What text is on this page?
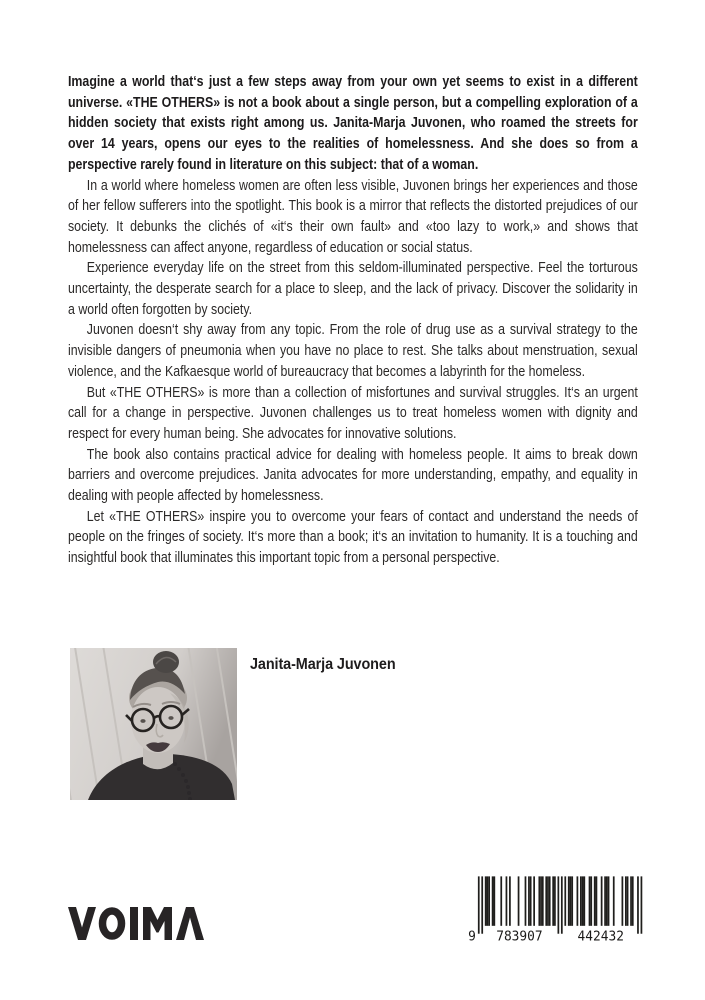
Imagine a world that‘s just a few steps away from your own yet seems to exist in a different universe. «THE OTHERS» is not a book about a single person, but a compelling exploration of a hidden society that exists right among us. Janita-Marja Juvonen, who roamed the streets for over 14 years, opens our eyes to the realities of homelessness. And she does so from a perspective rarely found in literature on this subject: that of a woman.

In a world where homeless women are often less visible, Juvonen brings her experiences and those of her fellow sufferers into the spotlight. This book is a mirror that reflects the distorted prejudices of our society. It debunks the clichés of «it‘s their own fault» and «too lazy to work,» and shows that homelessness can affect anyone, regardless of education or social status.

Experience everyday life on the street from this seldom-illuminated perspective. Feel the torturous uncertainty, the desperate search for a place to sleep, and the lack of privacy. Discover the solidarity in a world often forgotten by society.

Juvonen doesn‘t shy away from any topic. From the role of drug use as a survival strategy to the invisible dangers of pneumonia when you have no place to rest. She talks about menstruation, sexual violence, and the Kafkaesque world of bureaucracy that becomes a labyrinth for the homeless.

But «THE OTHERS» is more than a collection of misfortunes and survival struggles. It‘s an urgent call for a change in perspective. Juvonen challenges us to treat homeless women with dignity and respect for every human being. She advocates for innovative solutions.

The book also contains practical advice for dealing with homeless people. It aims to break down barriers and overcome prejudices. Janita advocates for more understanding, empathy, and equality in dealing with people affected by homelessness.

Let «THE OTHERS» inspire you to overcome your fears of contact and understand the needs of people on the fringes of society. It‘s more than a book; it‘s an invitation to humanity. It is a touching and insightful book that illuminates this important topic from a personal perspective.

Janita-Marja Juvonen
9 783907	442432
